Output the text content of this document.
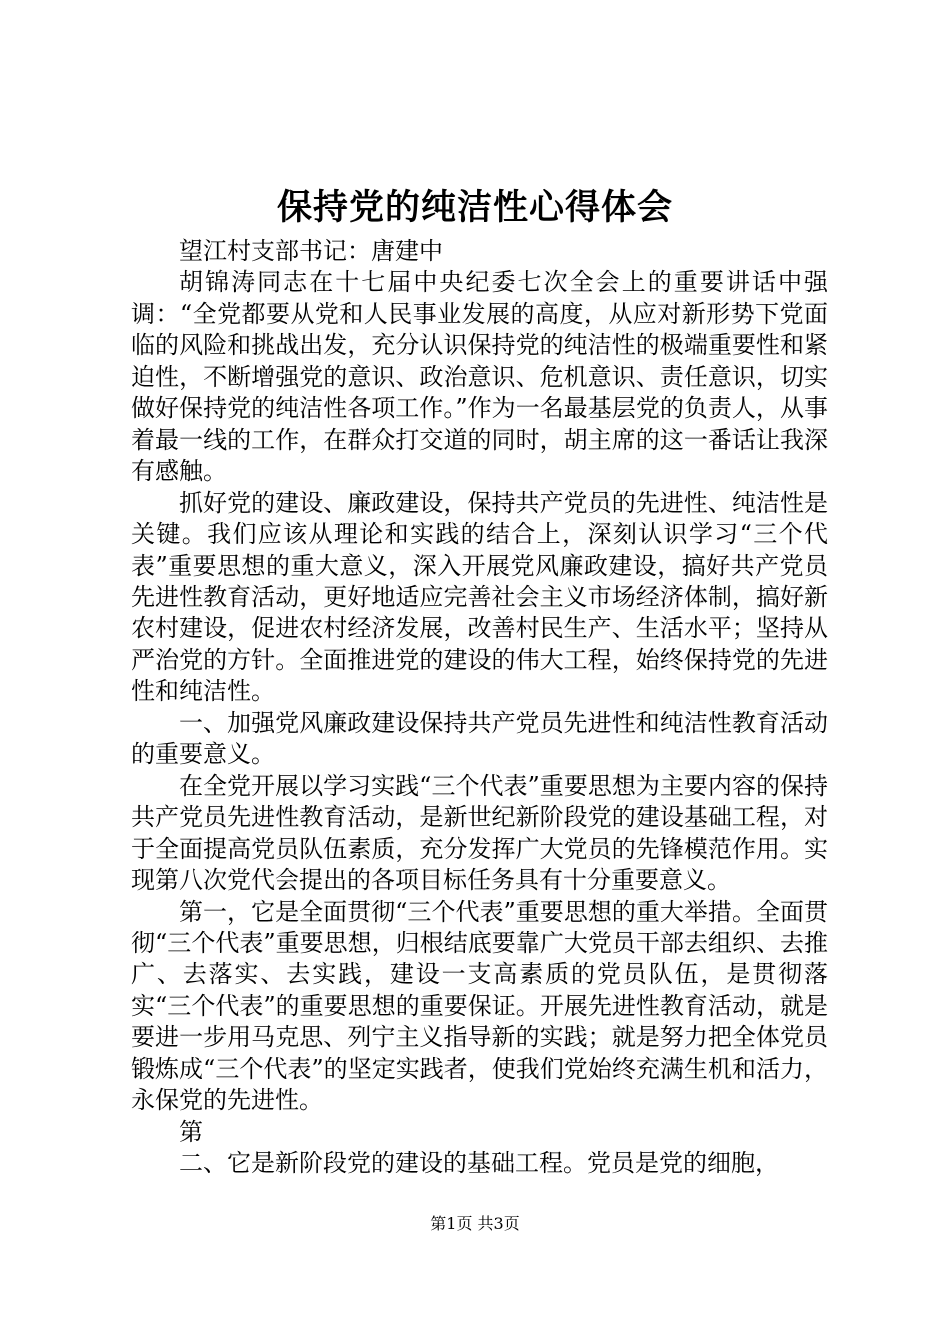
保持党的纯洁性心得体会

望江村支部书记：唐建中

胡锦涛同志在十七届中央纪委七次全会上的重要讲话中强调：“全党都要从党和人民事业发展的高度，从应对新形势下党面临的风险和挑战出发，充分认识保持党的纯洁性的极端重要性和紧迫性，不断增强党的意识、政治意识、危机意识、责任意识，切实做好保持党的纯洁性各项工作。”作为一名最基层党的负责人，从事着最一线的工作，在群众打交道的同时，胡主席的这一番话让我深有感触。

抓好党的建设、廉政建设，保持共产党员的先进性、纯洁性是关键。我们应该从理论和实践的结合上，深刻认识学习“三个代表”重要思想的重大意义，深入开展党风廉政建设，搞好共产党员先进性教育活动，更好地适应完善社会主义市场经济体制，搞好新农村建设，促进农村经济发展，改善村民生产、生活水平；坚持从严治党的方针。全面推进党的建设的伟大工程，始终保持党的先进性和纯洁性。

一、加强党风廉政建设保持共产党员先进性和纯洁性教育活动的重要意义。

在全党开展以学习实践“三个代表”重要思想为主要内容的保持共产党员先进性教育活动，是新世纪新阶段党的建设基础工程，对于全面提高党员队伍素质，充分发挥广大党员的先锋模范作用。实现第八次党代会提出的各项目标任务具有十分重要意义。

第一，它是全面贯彻“三个代表”重要思想的重大举措。全面贯彻“三个代表”重要思想，归根结底要靠广大党员干部去组织、去推广、去落实、去实践，建设一支高素质的党员队伍，是贯彻落实“三个代表”的重要思想的重要保证。开展先进性教育活动，就是要进一步用马克思、列宁主义指导新的实践；就是努力把全体党员锻炼成“三个代表”的坚定实践者，使我们党始终充满生机和活力，永保党的先进性。

第

二、它是新阶段党的建设的基础工程。党员是党的细胞，

第1页 共3页
